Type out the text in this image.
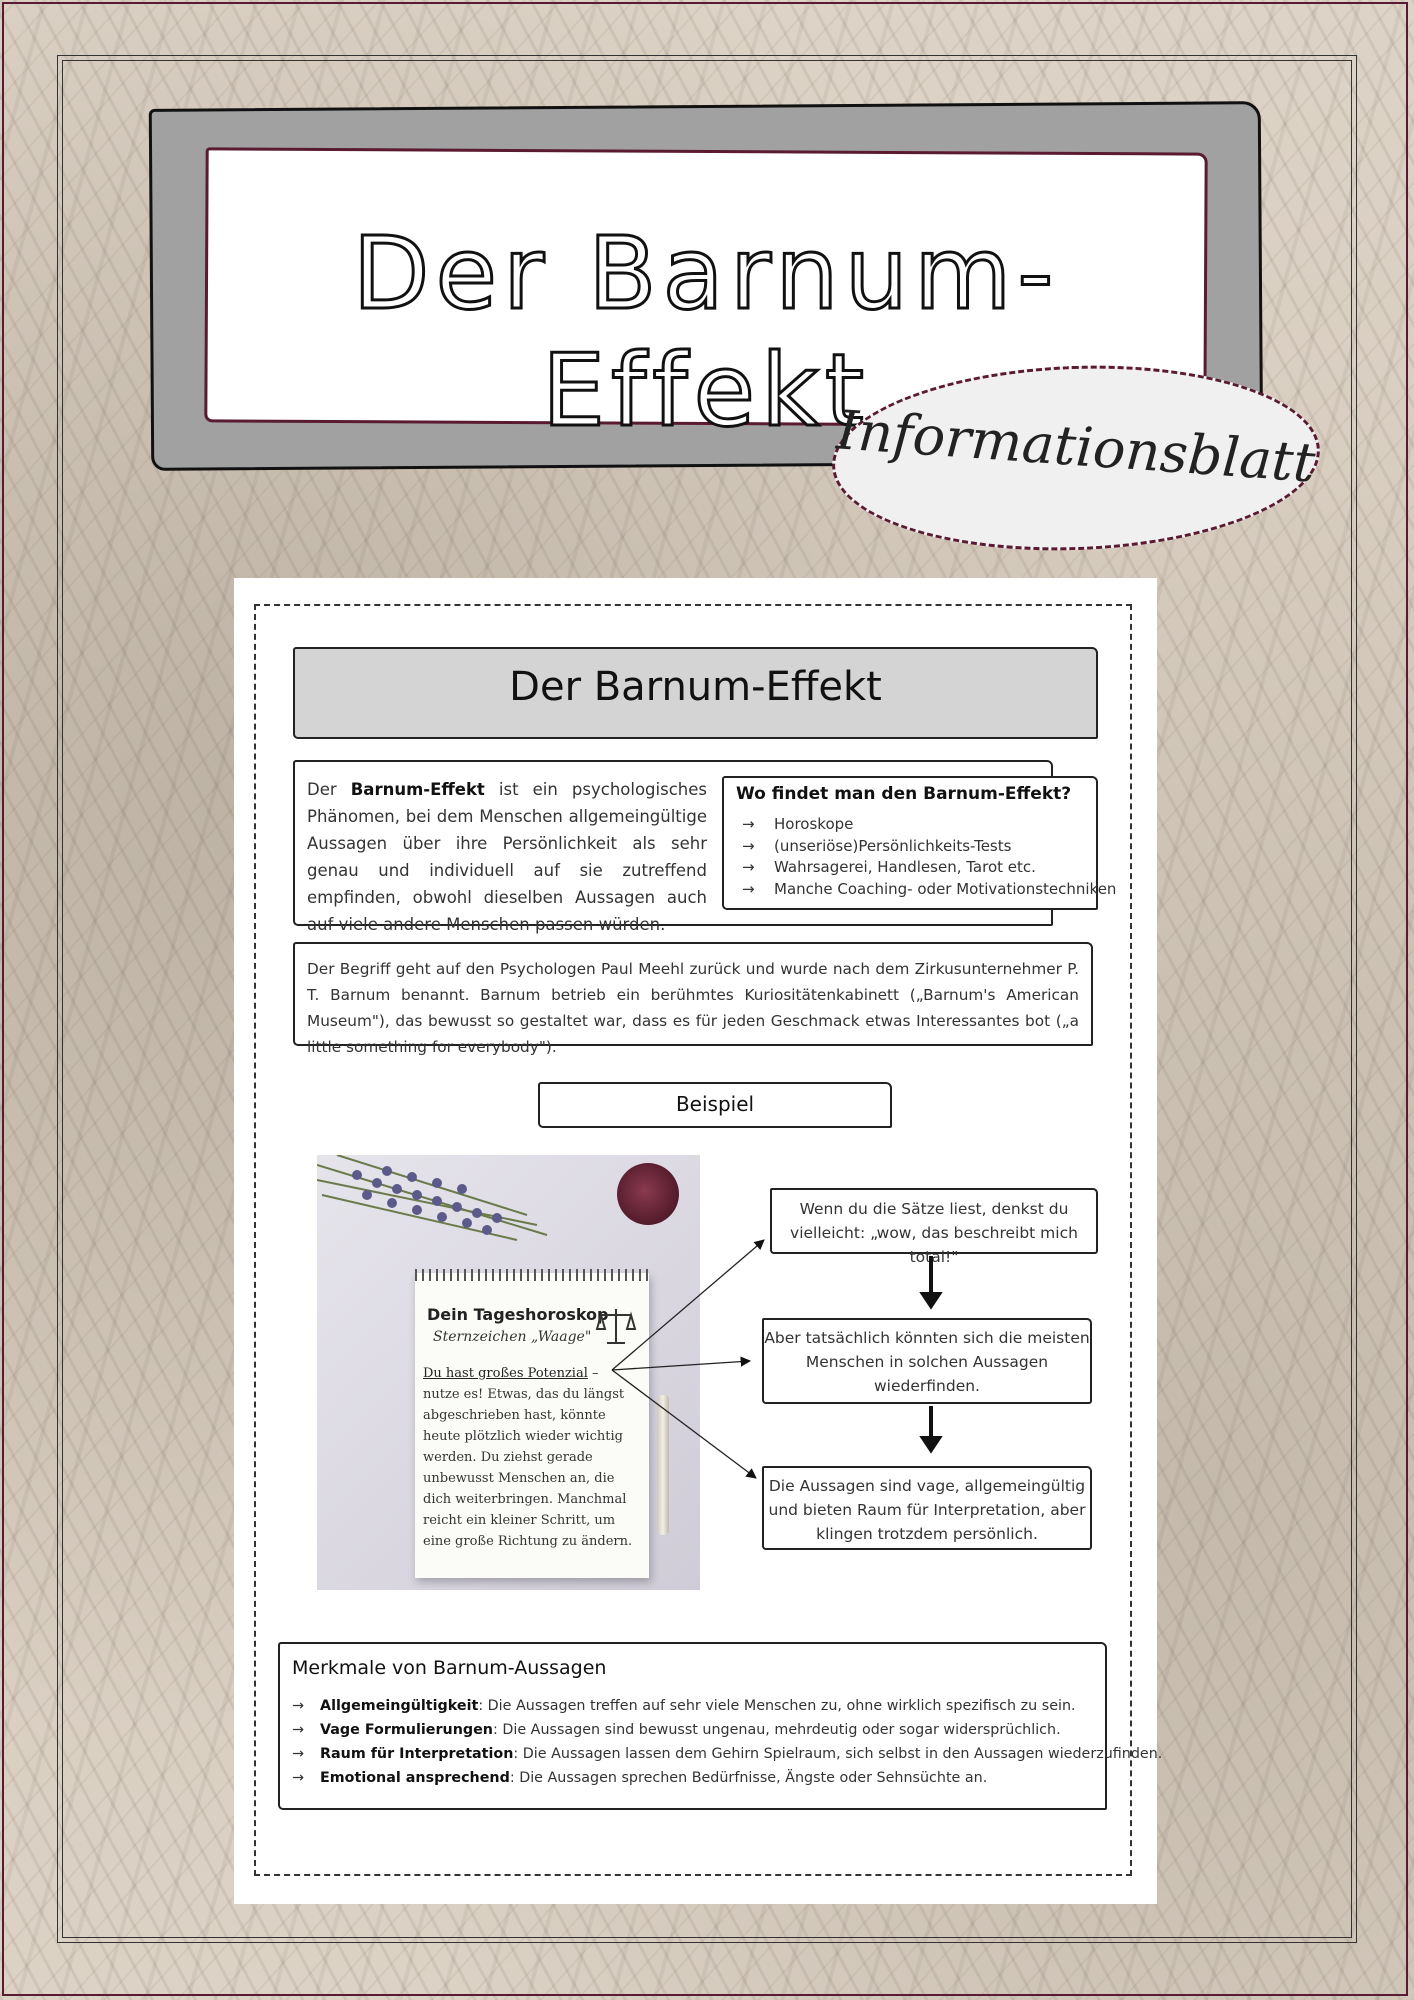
Der Barnum-Effekt
Informationsblatt
Der Barnum-Effekt
Der Barnum-Effekt ist ein psychologisches Phänomen, bei dem Menschen allgemeingültige Aussagen über ihre Persönlichkeit als sehr genau und individuell auf sie zutreffend empfinden, obwohl dieselben Aussagen auch auf viele andere Menschen passen würden.
Wo findet man den Barnum-Effekt?
→ Horoskope
→ (unseriöse)Persönlichkeits-Tests
→ Wahrsagerei, Handlesen, Tarot etc.
→ Manche Coaching- oder Motivationstechniken
Der Begriff geht auf den Psychologen Paul Meehl zurück und wurde nach dem Zirkusunternehmer P. T. Barnum benannt. Barnum betrieb ein berühmtes Kuriositätenkabinett („Barnum's American Museum"), das bewusst so gestaltet war, dass es für jeden Geschmack etwas Interessantes bot („a little something for everybody").
Beispiel
Dein Tageshoroskop
Sternzeichen „Waage"
Du hast großes Potenzial – nutze es! Etwas, das du längst abgeschrieben hast, könnte heute plötzlich wieder wichtig werden. Du ziehst gerade unbewusst Menschen an, die dich weiterbringen. Manchmal reicht ein kleiner Schritt, um eine große Richtung zu ändern.
Wenn du die Sätze liest, denkst du vielleicht: „wow, das beschreibt mich total!"
Aber tatsächlich könnten sich die meisten Menschen in solchen Aussagen wiederfinden.
Die Aussagen sind vage, allgemeingültig und bieten Raum für Interpretation, aber klingen trotzdem persönlich.
Merkmale von Barnum-Aussagen
→ Allgemeingültigkeit: Die Aussagen treffen auf sehr viele Menschen zu, ohne wirklich spezifisch zu sein.
→ Vage Formulierungen: Die Aussagen sind bewusst ungenau, mehrdeutig oder sogar widersprüchlich.
→ Raum für Interpretation: Die Aussagen lassen dem Gehirn Spielraum, sich selbst in den Aussagen wiederzufinden.
→ Emotional ansprechend: Die Aussagen sprechen Bedürfnisse, Ängste oder Sehnsüchte an.
